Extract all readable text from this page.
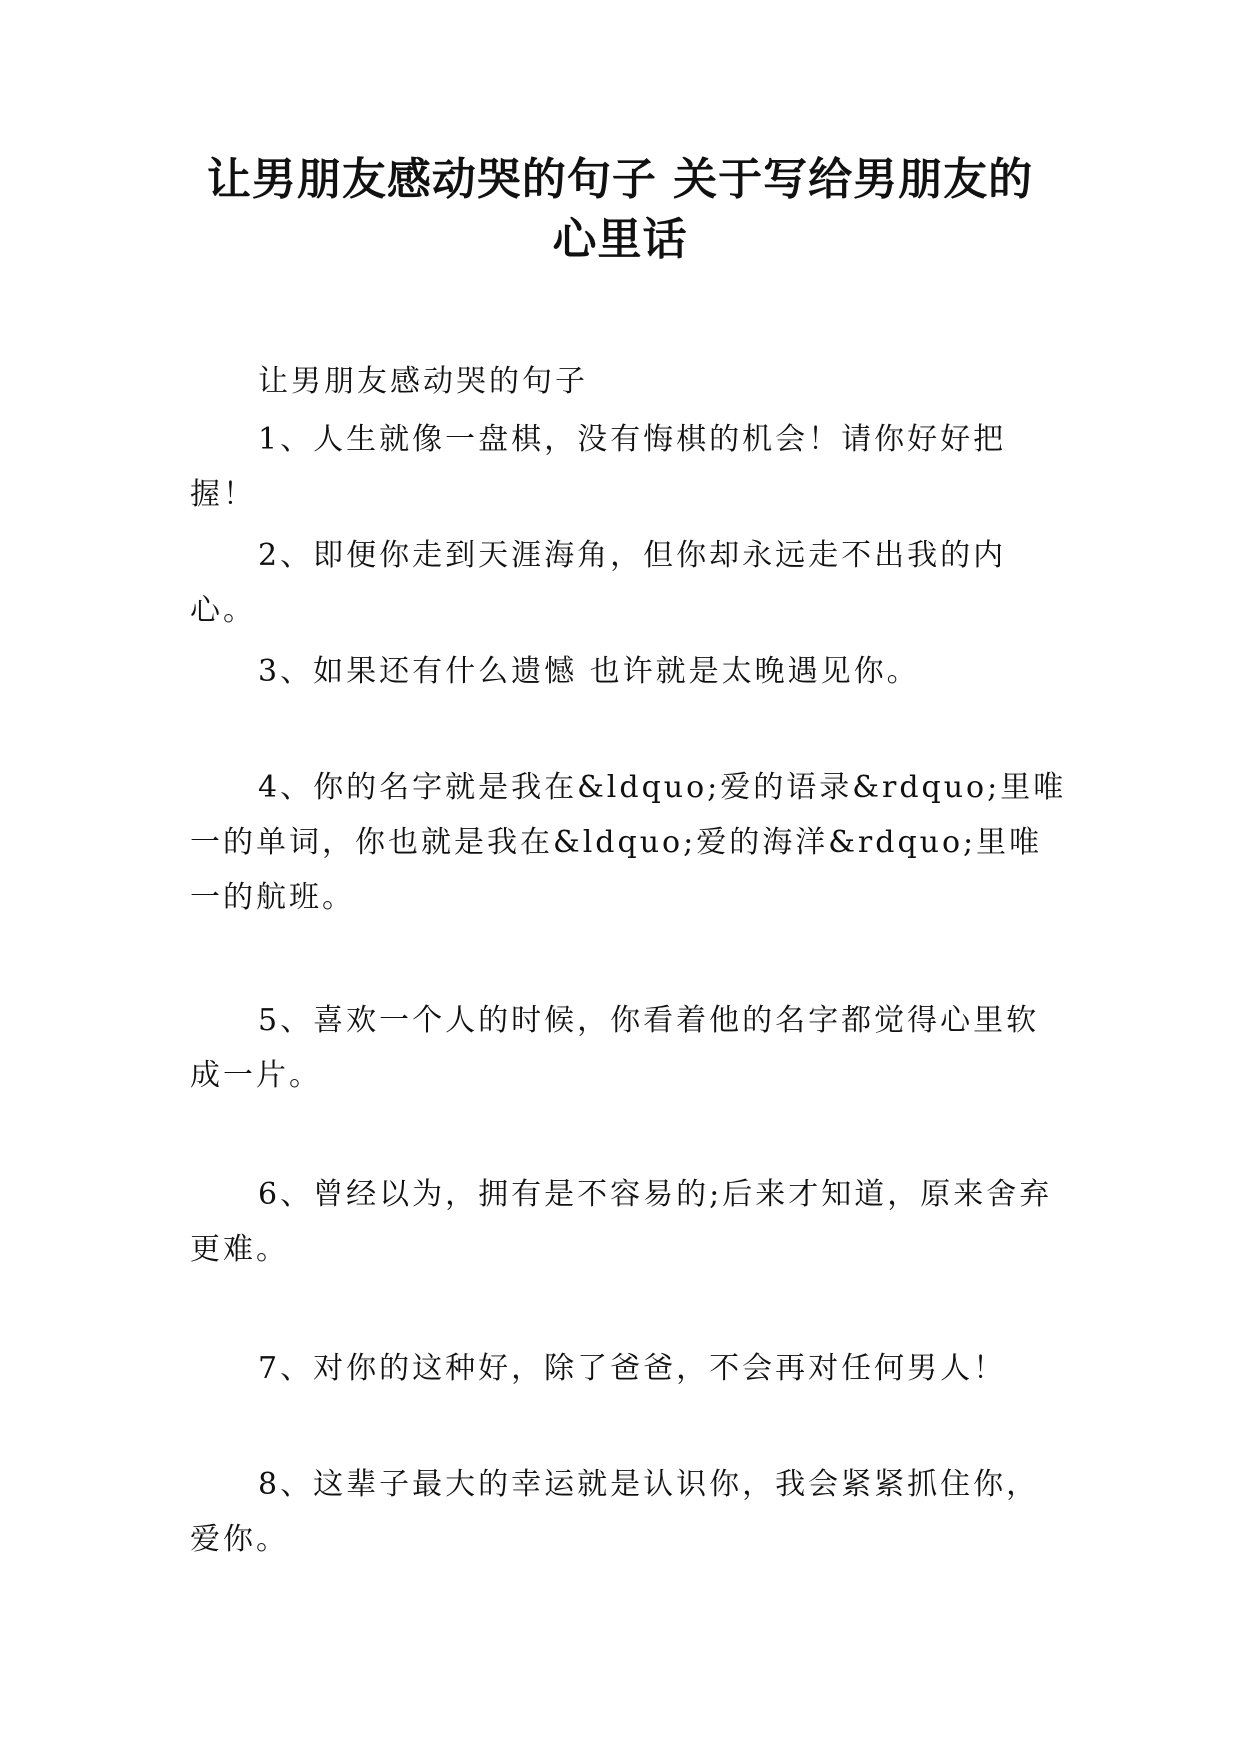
让男朋友感动哭的句子 关于写给男朋友的
心里话

让男朋友感动哭的句子

1、人生就像一盘棋，没有悔棋的机会！请你好好把握！

2、即便你走到天涯海角，但你却永远走不出我的内心。

3、如果还有什么遗憾 也许就是太晚遇见你。

4、你的名字就是我在&ldquo;爱的语录&rdquo;里唯一的单词，你也就是我在&ldquo;爱的海洋&rdquo;里唯一的航班。

5、喜欢一个人的时候，你看着他的名字都觉得心里软成一片。

6、曾经以为，拥有是不容易的;后来才知道，原来舍弃更难。

7、对你的这种好，除了爸爸，不会再对任何男人！

8、这辈子最大的幸运就是认识你，我会紧紧抓住你，爱你。
